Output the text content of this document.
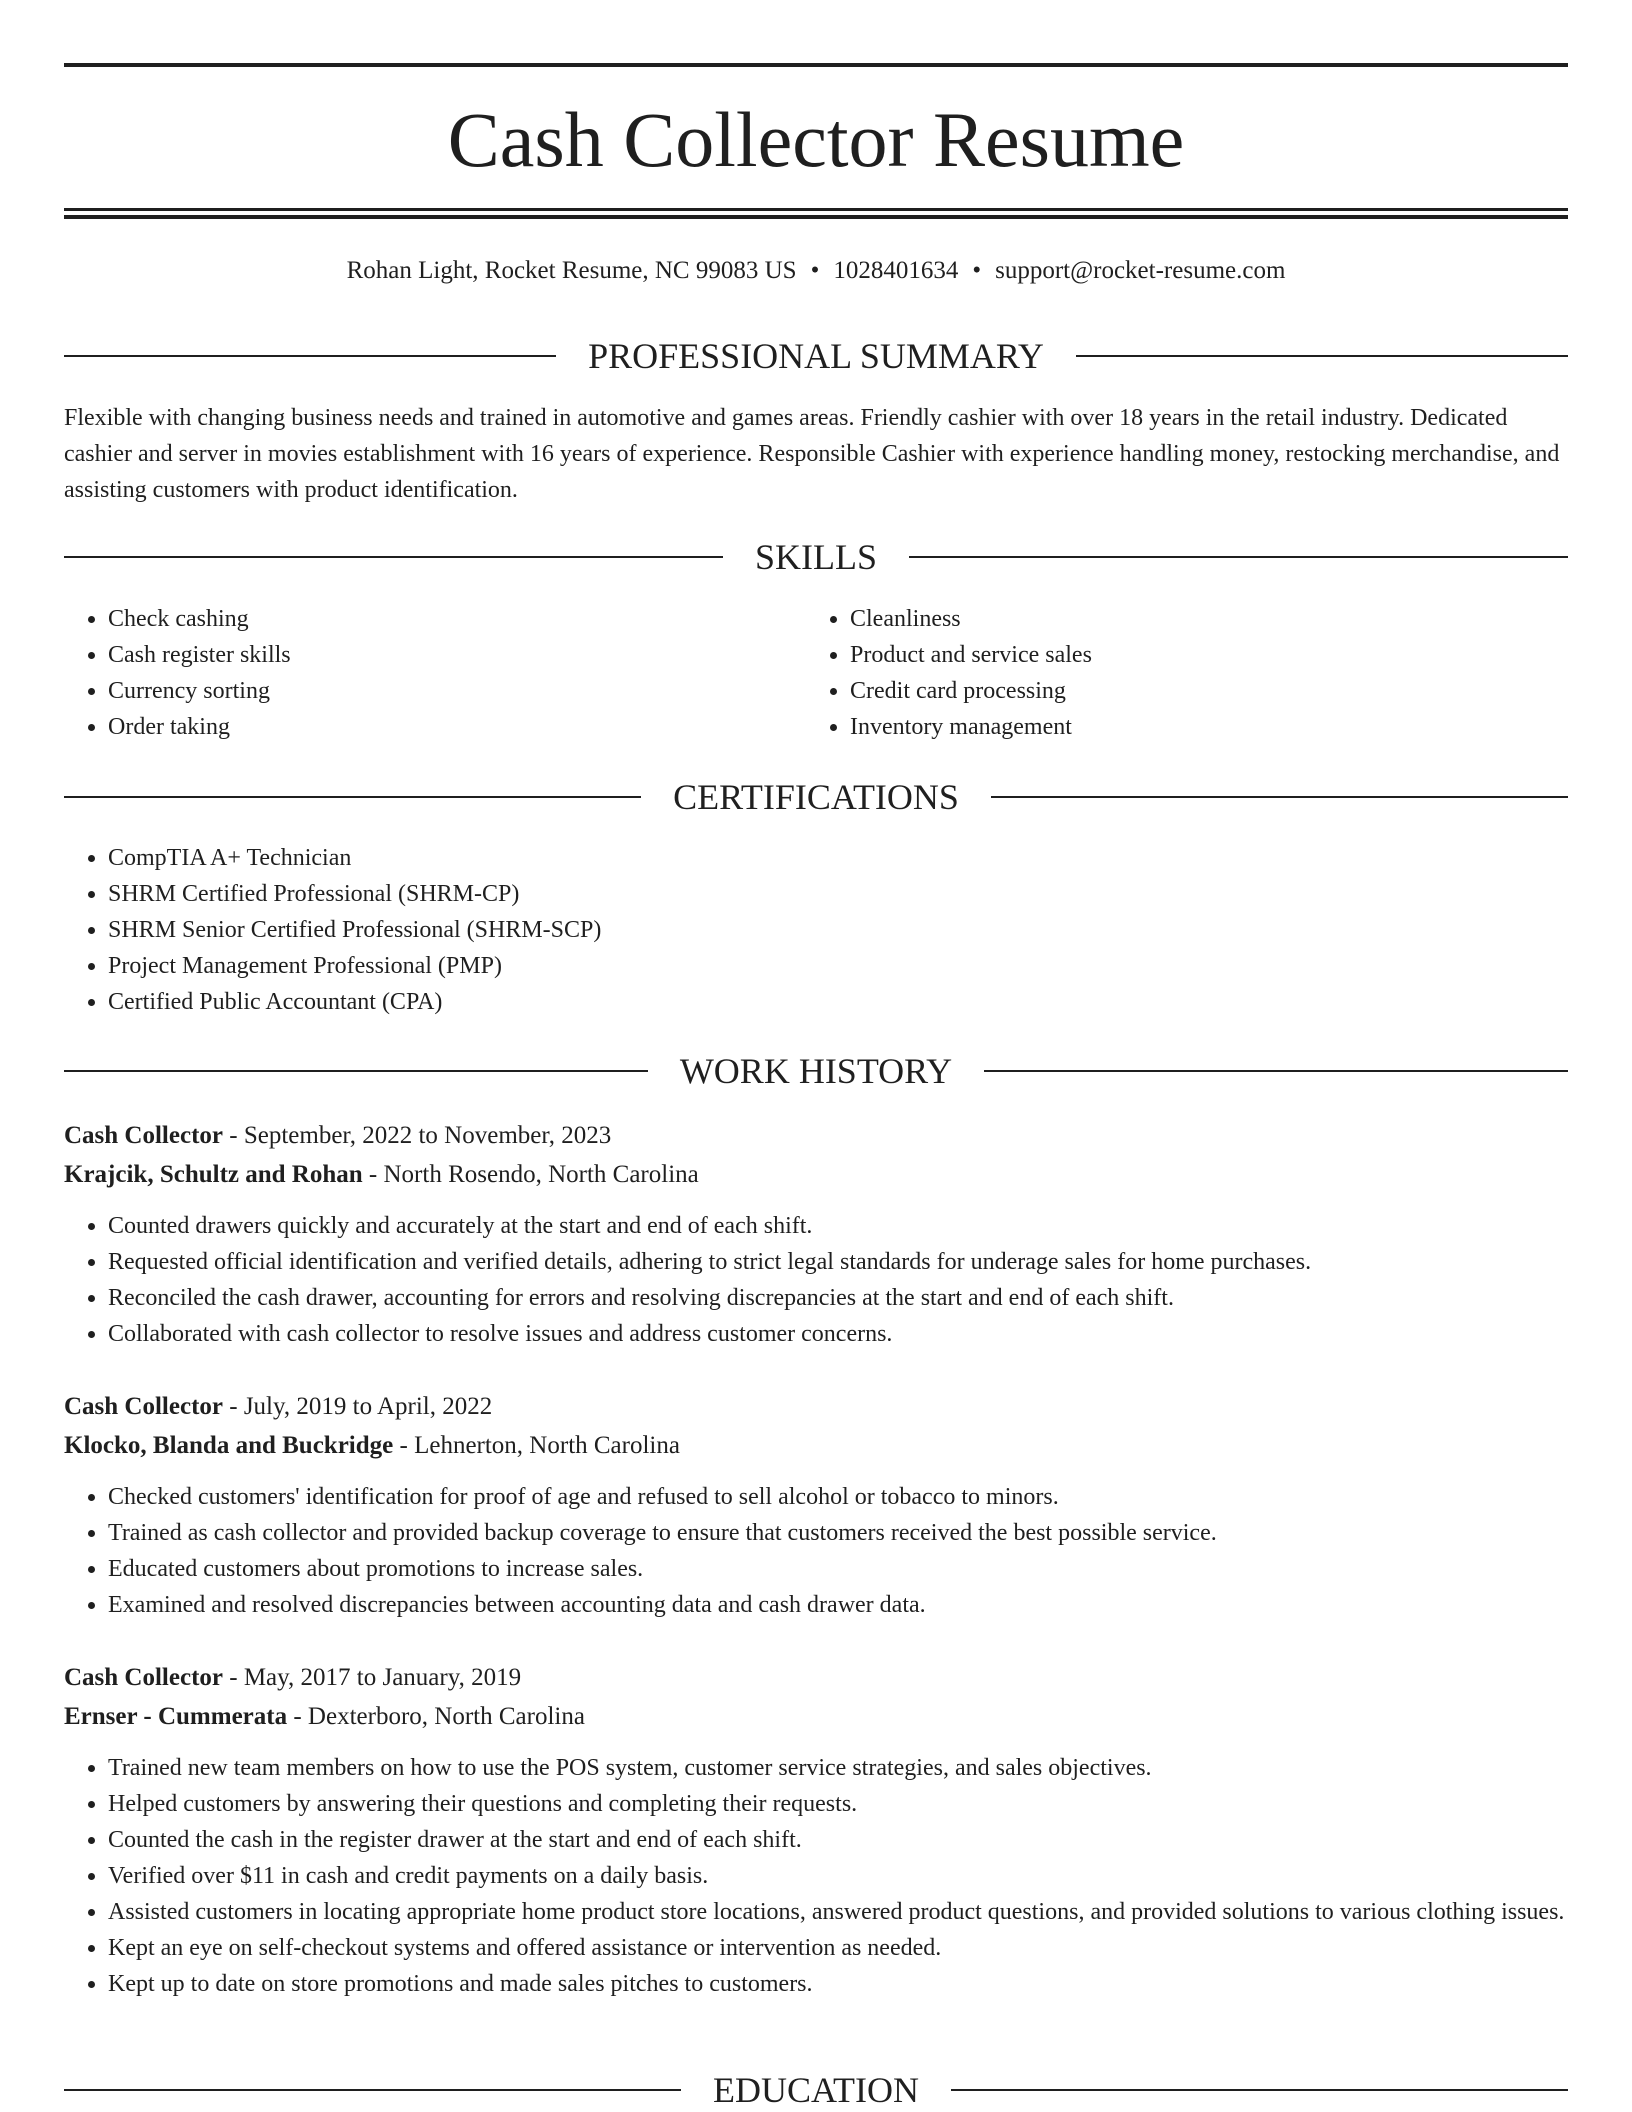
Cash Collector Resume
Rohan Light, Rocket Resume, NC 99083 US • 1028401634 • support@rocket-resume.com
PROFESSIONAL SUMMARY

Flexible with changing business needs and trained in automotive and games areas. Friendly cashier with over 18 years in the retail industry. Dedicated cashier and server in movies establishment with 16 years of experience. Responsible Cashier with experience handling money, restocking merchandise, and assisting customers with product identification.

SKILLS
• Check cashing
• Cash register skills
• Currency sorting
• Order taking
• Cleanliness
• Product and service sales
• Credit card processing
• Inventory management
CERTIFICATIONS
• CompTIA A+ Technician
• SHRM Certified Professional (SHRM-CP)
• SHRM Senior Certified Professional (SHRM-SCP)
• Project Management Professional (PMP)
• Certified Public Accountant (CPA)
WORK HISTORY
Cash Collector - September, 2022 to November, 2023
Krajcik, Schultz and Rohan - North Rosendo, North Carolina
• Counted drawers quickly and accurately at the start and end of each shift.
• Requested official identification and verified details, adhering to strict legal standards for underage sales for home purchases.
• Reconciled the cash drawer, accounting for errors and resolving discrepancies at the start and end of each shift.
• Collaborated with cash collector to resolve issues and address customer concerns.
Cash Collector - July, 2019 to April, 2022
Klocko, Blanda and Buckridge - Lehnerton, North Carolina
• Checked customers' identification for proof of age and refused to sell alcohol or tobacco to minors.
• Trained as cash collector and provided backup coverage to ensure that customers received the best possible service.
• Educated customers about promotions to increase sales.
• Examined and resolved discrepancies between accounting data and cash drawer data.
Cash Collector - May, 2017 to January, 2019
Ernser - Cummerata - Dexterboro, North Carolina
• Trained new team members on how to use the POS system, customer service strategies, and sales objectives.
• Helped customers by answering their questions and completing their requests.
• Counted the cash in the register drawer at the start and end of each shift.
• Verified over $11 in cash and credit payments on a daily basis.
• Assisted customers in locating appropriate home product store locations, answered product questions, and provided solutions to various clothing issues.
• Kept an eye on self-checkout systems and offered assistance or intervention as needed.
• Kept up to date on store promotions and made sales pitches to customers.
EDUCATION
